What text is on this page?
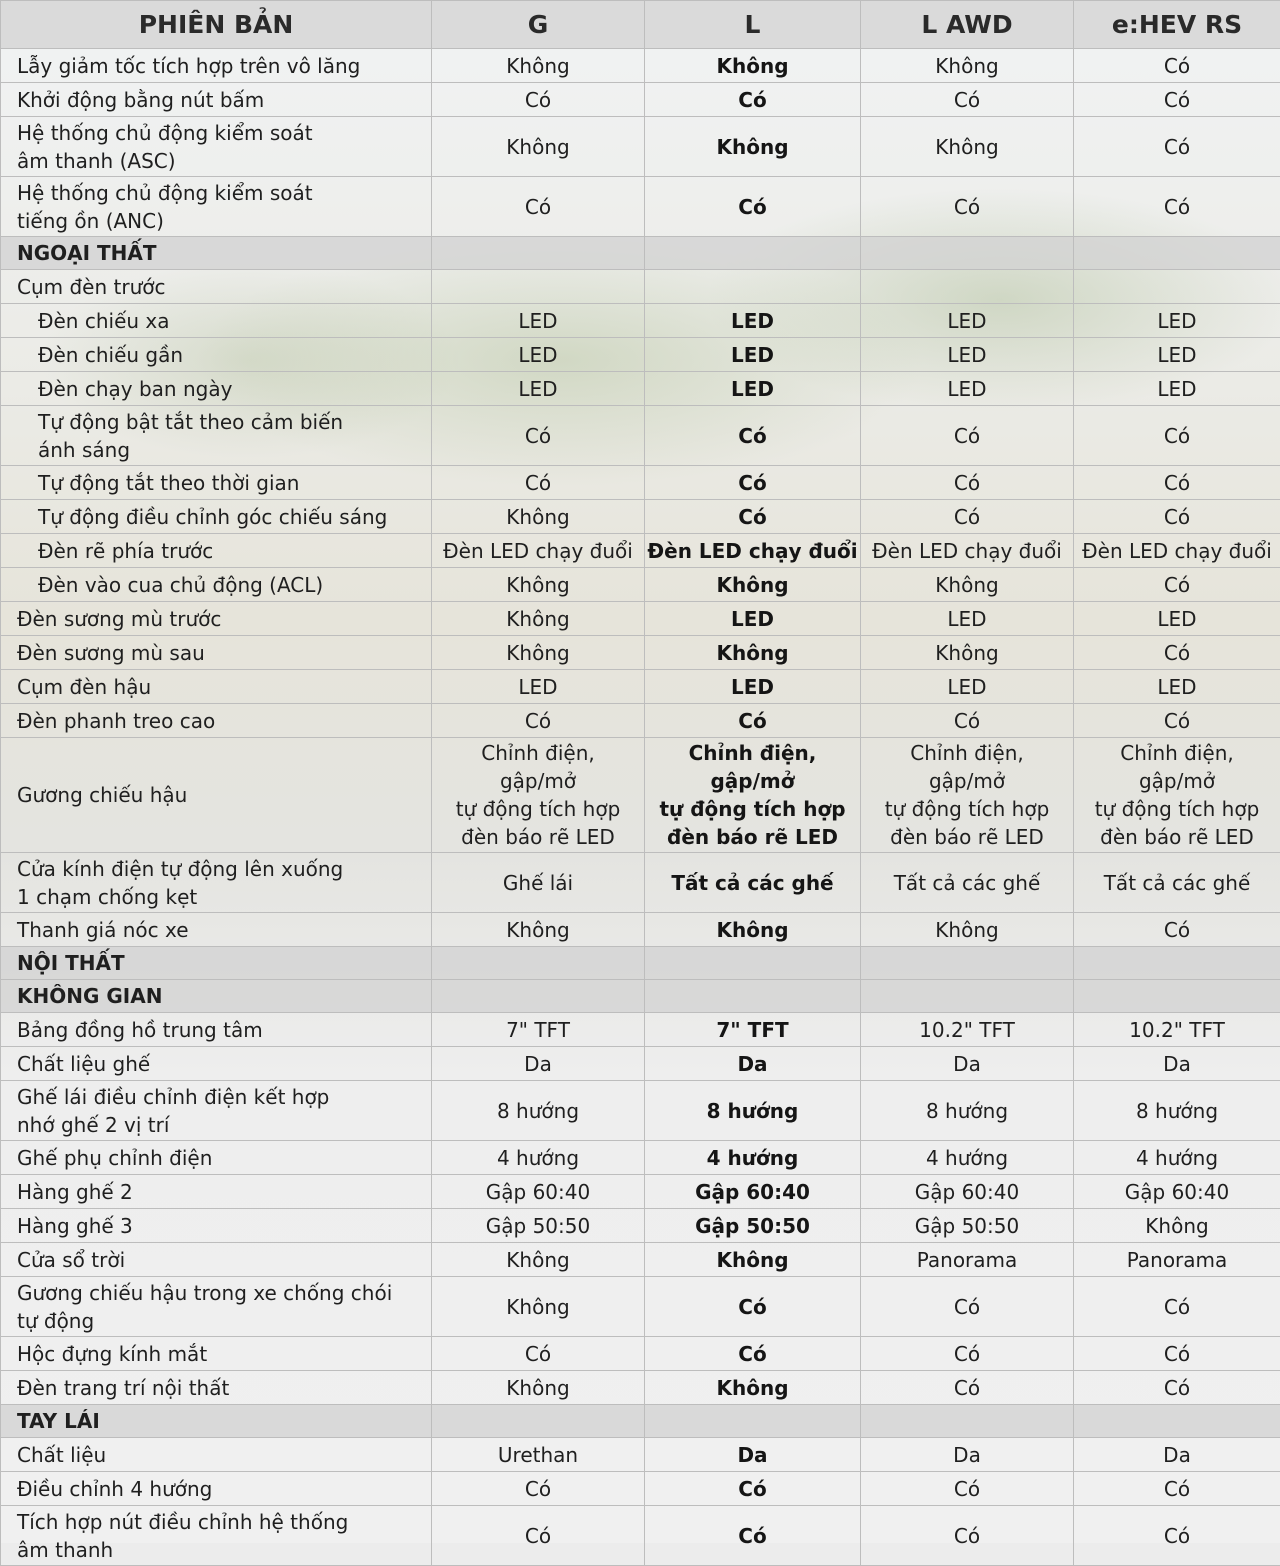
PHIÊN BẢN	G	L	L AWD	e:HEV RS

Lẫy giảm tốc tích hợp trên vô lăng	Không	Không	Không	Có

Khởi động bằng nút bấm	Có	Có	Có	Có

Hệ thống chủ động kiểm soát
âm thanh (ASC)	Không	Không	Không	Có

Hệ thống chủ động kiểm soát
tiếng ồn (ANC)	Có	Có	Có	Có

NGOẠI THẤT				

Cụm đèn trước				

Đèn chiếu xa	LED	LED	LED	LED

Đèn chiếu gần	LED	LED	LED	LED

Đèn chạy ban ngày	LED	LED	LED	LED

Tự động bật tắt theo cảm biến
ánh sáng	Có	Có	Có	Có

Tự động tắt theo thời gian	Có	Có	Có	Có

Tự động điều chỉnh góc chiếu sáng	Không	Có	Có	Có

Đèn rẽ phía trước	Đèn LED chạy đuổi	Đèn LED chạy đuổi	Đèn LED chạy đuổi	Đèn LED chạy đuổi

Đèn vào cua chủ động (ACL)	Không	Không	Không	Có

Đèn sương mù trước	Không	LED	LED	LED

Đèn sương mù sau	Không	Không	Không	Có

Cụm đèn hậu	LED	LED	LED	LED

Đèn phanh treo cao	Có	Có	Có	Có

Gương chiếu hậu	Chỉnh điện,
gập/mở
tự động tích hợp
đèn báo rẽ LED	Chỉnh điện,
gập/mở
tự động tích hợp
đèn báo rẽ LED	Chỉnh điện,
gập/mở
tự động tích hợp
đèn báo rẽ LED	Chỉnh điện,
gập/mở
tự động tích hợp
đèn báo rẽ LED

Cửa kính điện tự động lên xuống
1 chạm chống kẹt	Ghế lái	Tất cả các ghế	Tất cả các ghế	Tất cả các ghế

Thanh giá nóc xe	Không	Không	Không	Có

NỘI THẤT				

KHÔNG GIAN				

Bảng đồng hồ trung tâm	7" TFT	7" TFT	10.2" TFT	10.2" TFT

Chất liệu ghế	Da	Da	Da	Da

Ghế lái điều chỉnh điện kết hợp
nhớ ghế 2 vị trí	8 hướng	8 hướng	8 hướng	8 hướng

Ghế phụ chỉnh điện	4 hướng	4 hướng	4 hướng	4 hướng

Hàng ghế 2	Gập 60:40	Gập 60:40	Gập 60:40	Gập 60:40

Hàng ghế 3	Gập 50:50	Gập 50:50	Gập 50:50	Không

Cửa sổ trời	Không	Không	Panorama	Panorama

Gương chiếu hậu trong xe chống chói
tự động	Không	Có	Có	Có

Hộc đựng kính mắt	Có	Có	Có	Có

Đèn trang trí nội thất	Không	Không	Có	Có

TAY LÁI				

Chất liệu	Urethan	Da	Da	Da

Điều chỉnh 4 hướng	Có	Có	Có	Có

Tích hợp nút điều chỉnh hệ thống
âm thanh	Có	Có	Có	Có
